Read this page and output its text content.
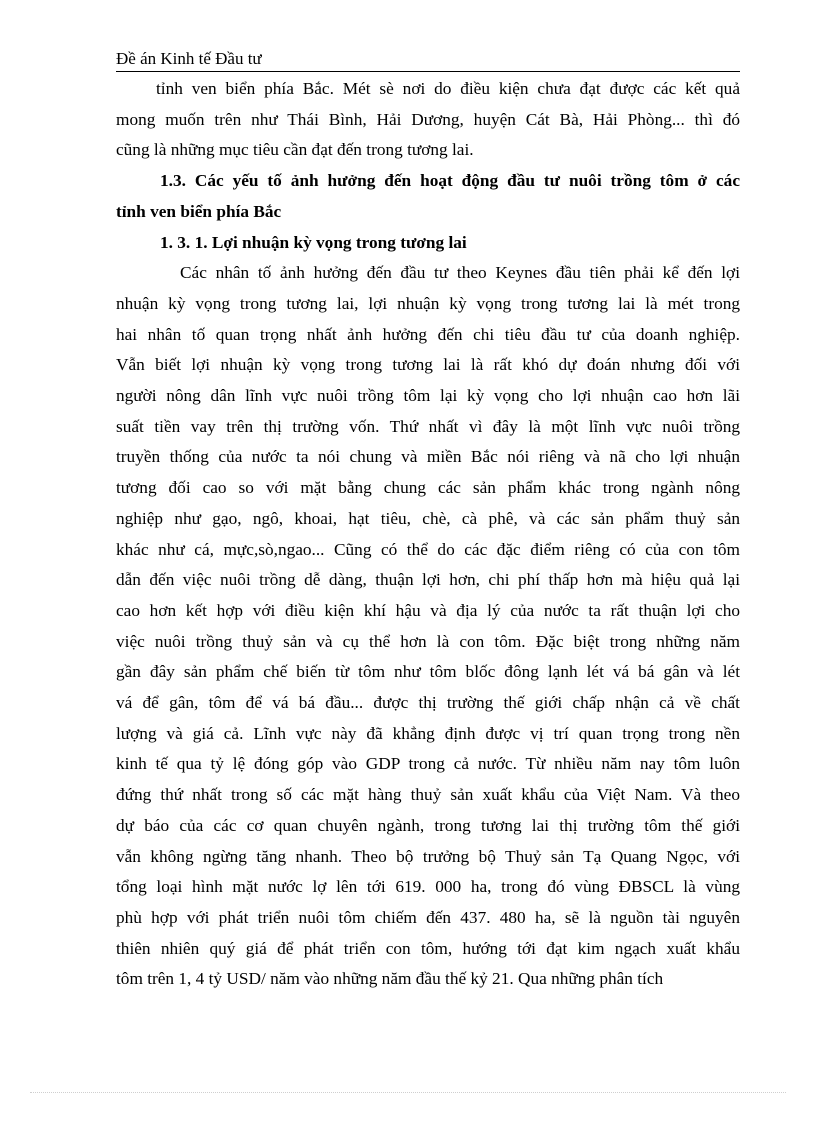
Đề án Kinh tế Đầu tư

tỉnh ven biển phía Bắc. Mét sè nơi do điều kiện chưa đạt được các kết quả
mong muốn trên như Thái Bình, Hải Dương, huyện Cát Bà, Hải Phòng... thì đó
cũng là những mục tiêu cần đạt đến trong tương lai.

1.3. Các yếu tố ảnh hưởng đến hoạt động đầu tư nuôi trồng tôm ở các
tỉnh ven biển phía Bắc

1. 3. 1. Lợi nhuận kỳ vọng trong tương lai

Các nhân tố ảnh hưởng đến đầu tư theo Keynes đầu tiên phải kể đến lợi
nhuận kỳ vọng trong tương lai, lợi nhuận kỳ vọng trong tương lai là mét trong
hai nhân tố quan trọng nhất ảnh hưởng đến chi tiêu đầu tư của doanh nghiệp.
Vẫn biết lợi nhuận kỳ vọng trong tương lai là rất khó dự đoán nhưng đối với
người nông dân lĩnh vực nuôi trồng tôm lại kỳ vọng cho lợi nhuận cao hơn lãi
suất tiền vay trên thị trường vốn. Thứ nhất vì đây là một lĩnh vực nuôi trồng
truyền thống của nước ta nói chung và miền Bắc nói riêng và nã cho lợi nhuận
tương đối cao so với mặt bằng chung các sản phẩm khác trong ngành nông
nghiệp như gạo, ngô, khoai, hạt tiêu, chè, cà phê, và các sản phẩm thuỷ sản
khác như cá, mực,sò,ngao... Cũng có thể do các đặc điểm riêng có của con tôm
dẫn đến việc nuôi trồng dễ dàng, thuận lợi hơn, chi phí thấp hơn mà hiệu quả lại
cao hơn kết hợp với điều kiện khí hậu và địa lý của nước ta rất thuận lợi cho
việc nuôi trồng thuỷ sản và cụ thể hơn là con tôm. Đặc biệt trong những năm
gần đây sản phẩm chế biến từ tôm như tôm blốc đông lạnh lét vá bá gân và lét
vá để gân, tôm để vá bá đầu... được thị trường thế giới chấp nhận cả về chất
lượng và giá cả. Lĩnh vực này đã khẳng định được vị trí quan trọng trong nền
kinh tế qua tỷ lệ đóng góp vào GDP trong cả nước. Từ nhiều năm nay tôm luôn
đứng thứ nhất trong số các mặt hàng thuỷ sản xuất khẩu của Việt Nam. Và theo
dự báo của các cơ quan chuyên ngành, trong tương lai thị trường tôm thế giới
vẫn không ngừng tăng nhanh. Theo bộ trưởng bộ Thuỷ sản Tạ Quang Ngọc, với
tổng loại hình mặt nước lợ lên tới 619. 000 ha, trong đó vùng ĐBSCL là vùng
phù hợp với phát triển nuôi tôm chiếm đến 437. 480 ha, sẽ là nguồn tài nguyên
thiên nhiên quý giá để phát triển con tôm, hướng tới đạt kim ngạch xuất khẩu
tôm trên 1, 4 tỷ USD/ năm vào những năm đầu thế kỷ 21. Qua những phân tích
